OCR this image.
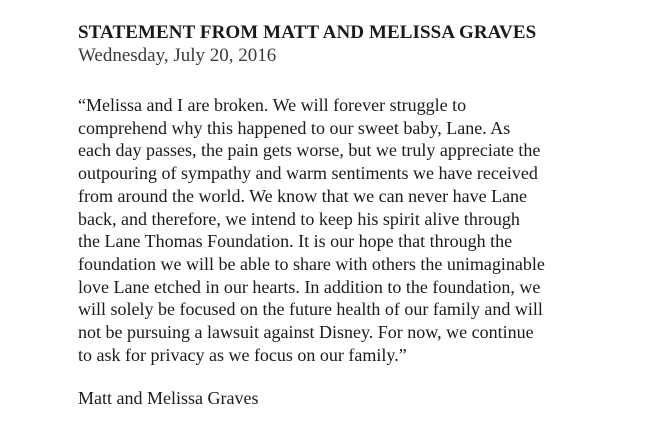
STATEMENT FROM MATT AND MELISSA GRAVES
Wednesday, July 20, 2016
“Melissa and I are broken. We will forever struggle to
comprehend why this happened to our sweet baby, Lane. As
each day passes, the pain gets worse, but we truly appreciate the
outpouring of sympathy and warm sentiments we have received
from around the world. We know that we can never have Lane
back, and therefore, we intend to keep his spirit alive through
the Lane Thomas Foundation. It is our hope that through the
foundation we will be able to share with others the unimaginable
love Lane etched in our hearts. In addition to the foundation, we
will solely be focused on the future health of our family and will
not be pursuing a lawsuit against Disney. For now, we continue
to ask for privacy as we focus on our family.”
Matt and Melissa Graves
